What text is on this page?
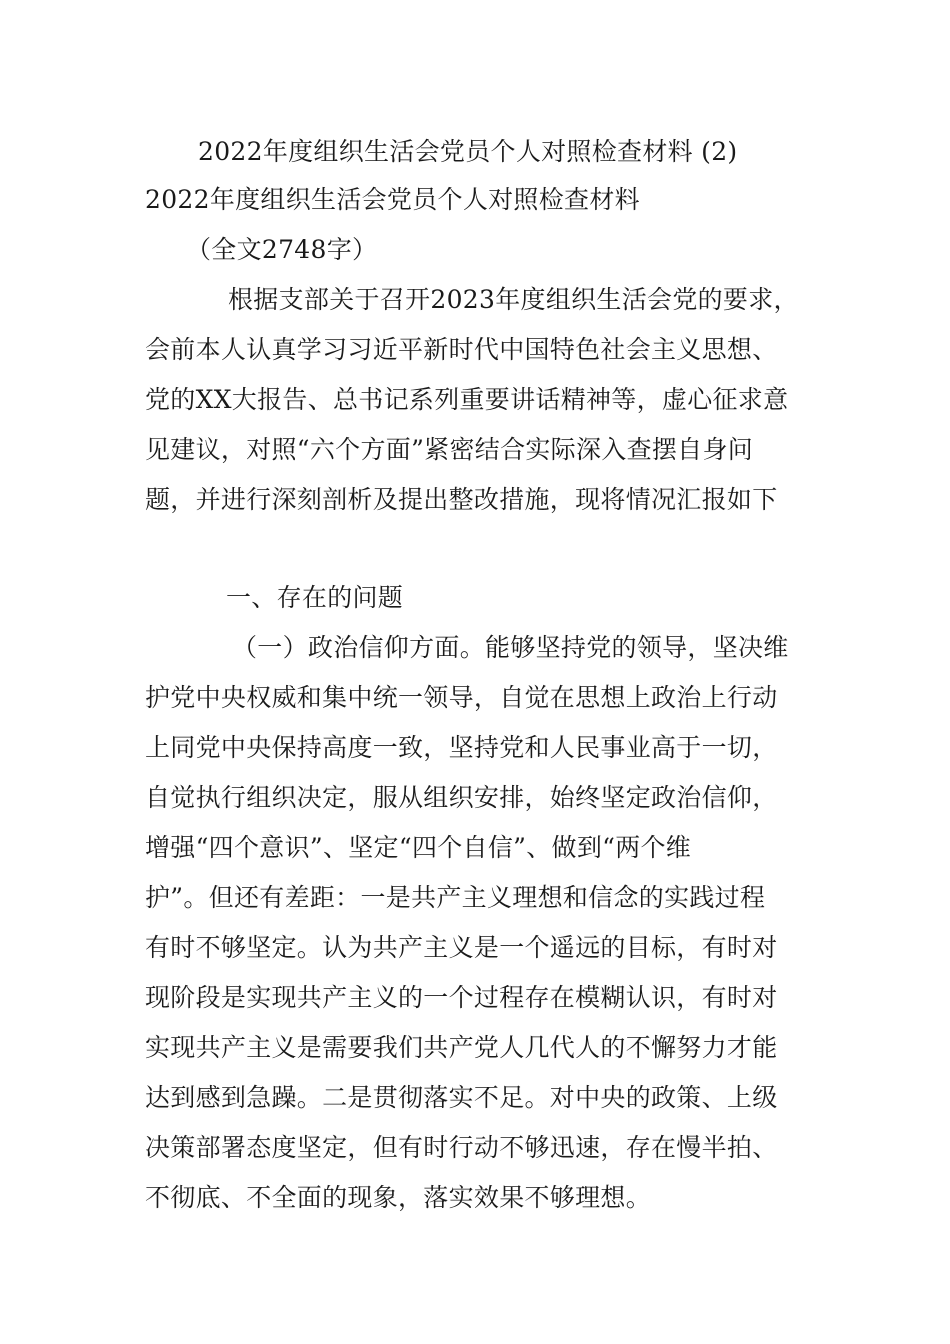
2022年度组织生活会党员个人对照检查材料 (2)
2022年度组织生活会党员个人对照检查材料
（全文2748字）
根据支部关于召开2023年度组织生活会党的要求，
会前本人认真学习习近平新时代中国特色社会主义思想、
党的XX大报告、总书记系列重要讲话精神等，虚心征求意
见建议，对照“六个方面”紧密结合实际深入查摆自身问
题，并进行深刻剖析及提出整改措施，现将情况汇报如下
一、存在的问题
（一）政治信仰方面。能够坚持党的领导，坚决维
护党中央权威和集中统一领导，自觉在思想上政治上行动
上同党中央保持高度一致，坚持党和人民事业高于一切，
自觉执行组织决定，服从组织安排，始终坚定政治信仰，
增强“四个意识”、坚定“四个自信”、做到“两个维
护”。但还有差距：一是共产主义理想和信念的实践过程
有时不够坚定。认为共产主义是一个遥远的目标，有时对
现阶段是实现共产主义的一个过程存在模糊认识，有时对
实现共产主义是需要我们共产党人几代人的不懈努力才能
达到感到急躁。二是贯彻落实不足。对中央的政策、上级
决策部署态度坚定，但有时行动不够迅速，存在慢半拍、
不彻底、不全面的现象，落实效果不够理想。
